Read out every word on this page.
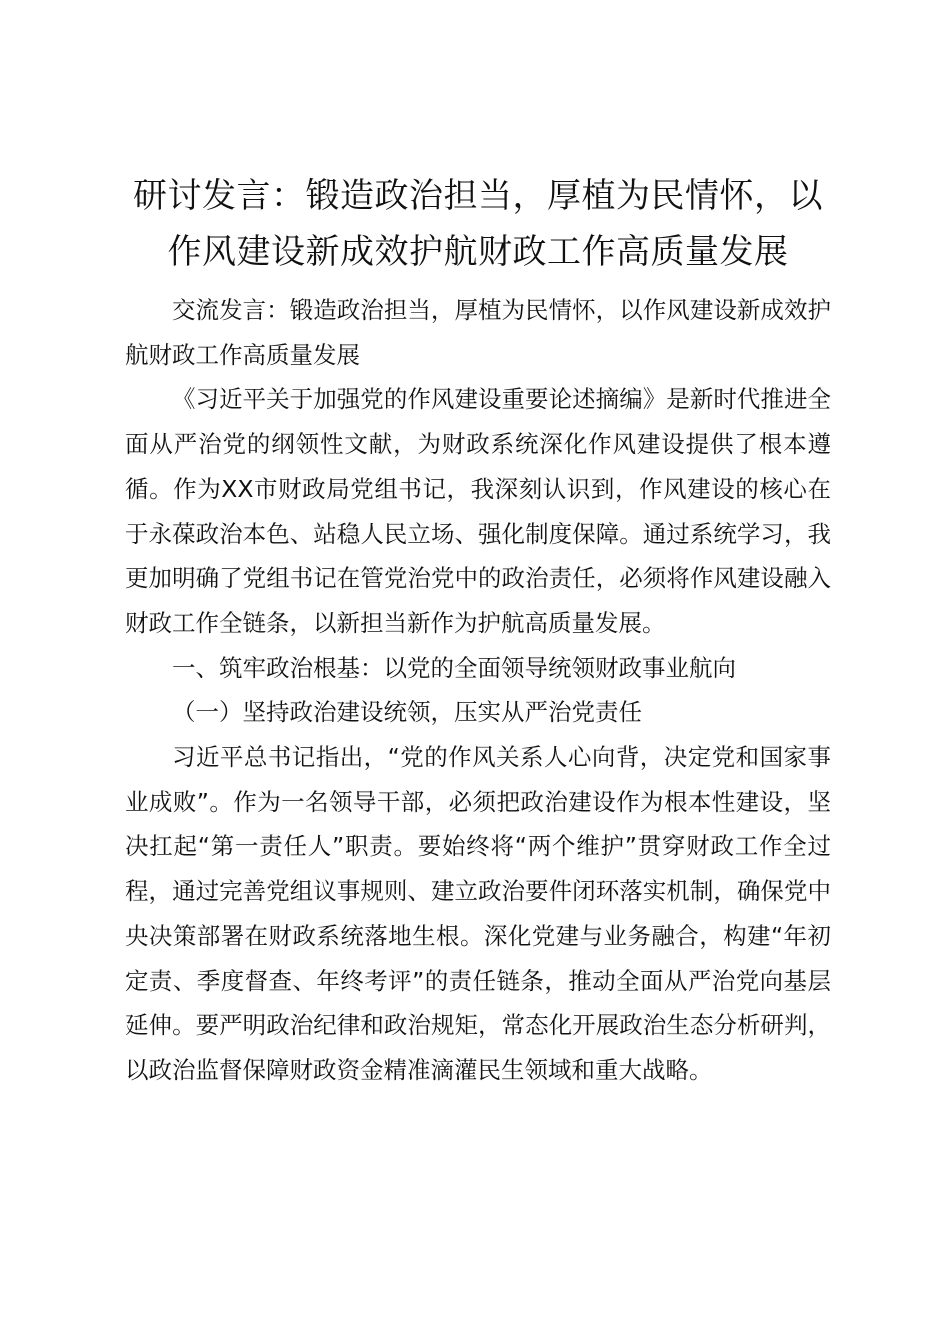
研讨发言：锻造政治担当，厚植为民情怀，以作风建设新成效护航财政工作高质量发展

交流发言：锻造政治担当，厚植为民情怀，以作风建设新成效护航财政工作高质量发展

《习近平关于加强党的作风建设重要论述摘编》是新时代推进全面从严治党的纲领性文献，为财政系统深化作风建设提供了根本遵循。作为XX市财政局党组书记，我深刻认识到，作风建设的核心在于永葆政治本色、站稳人民立场、强化制度保障。通过系统学习，我更加明确了党组书记在管党治党中的政治责任，必须将作风建设融入财政工作全链条，以新担当新作为护航高质量发展。

一、筑牢政治根基：以党的全面领导统领财政事业航向

（一）坚持政治建设统领，压实从严治党责任

习近平总书记指出，“党的作风关系人心向背，决定党和国家事业成败”。作为一名领导干部，必须把政治建设作为根本性建设，坚决扛起“第一责任人”职责。要始终将“两个维护”贯穿财政工作全过程，通过完善党组议事规则、建立政治要件闭环落实机制，确保党中央决策部署在财政系统落地生根。深化党建与业务融合，构建“年初定责、季度督查、年终考评”的责任链条，推动全面从严治党向基层延伸。要严明政治纪律和政治规矩，常态化开展政治生态分析研判，以政治监督保障财政资金精准滴灌民生领域和重大战略。
